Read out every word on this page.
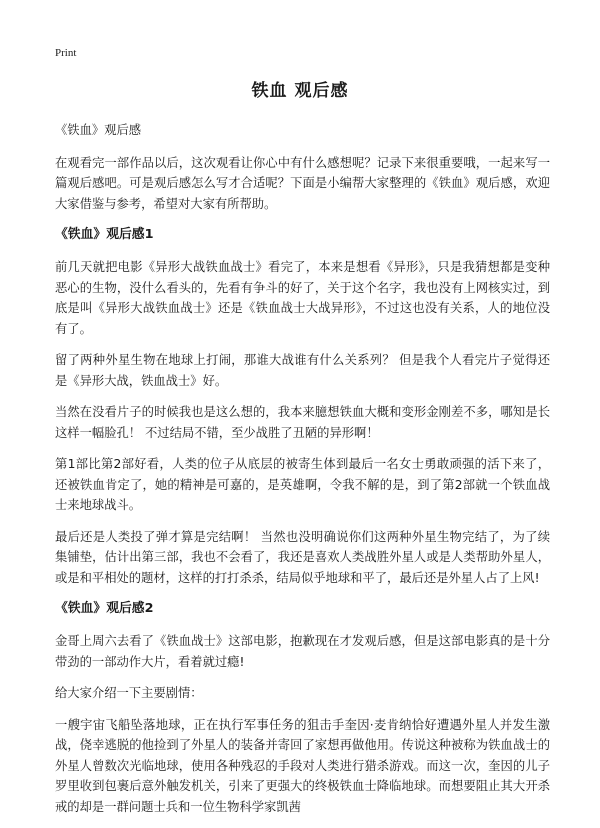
Print
铁血 观后感
《铁血》观后感

在观看完一部作品以后，这次观看让你心中有什么感想呢？记录下来很重要哦，一起来写一篇观后感吧。可是观后感怎么写才合适呢？下面是小编帮大家整理的《铁血》观后感，欢迎大家借鉴与参考，希望对大家有所帮助。

《铁血》观后感1

前几天就把电影《异形大战铁血战士》看完了，本来是想看《异形》，只是我猜想都是变种恶心的生物，没什么看头的，先看有争斗的好了，关于这个名字，我也没有上网核实过，到底是叫《异形大战铁血战士》还是《铁血战士大战异形》，不过这也没有关系，人的地位没有了。

留了两种外星生物在地球上打闹，那谁大战谁有什么关系列？ 但是我个人看完片子觉得还是《异形大战，铁血战士》好。

当然在没看片子的时候我也是这么想的，我本来臆想铁血大概和变形金刚差不多，哪知是长这样一幅脸孔！ 不过结局不错，至少战胜了丑陋的异形啊！

第1部比第2部好看，人类的位子从底层的被寄生体到最后一名女士勇敢顽强的活下来了，还被铁血肯定了，她的精神是可嘉的，是英雄啊，令我不解的是，到了第2部就一个铁血战士来地球战斗。

最后还是人类投了弹才算是完结啊！ 当然也没明确说你们这两种外星生物完结了，为了续集铺垫，估计出第三部，我也不会看了，我还是喜欢人类战胜外星人或是人类帮助外星人，或是和平相处的题材，这样的打打杀杀，结局似乎地球和平了，最后还是外星人占了上风!

《铁血》观后感2

金哥上周六去看了《铁血战士》这部电影，抱歉现在才发观后感，但是这部电影真的是十分带劲的一部动作大片，看着就过瘾!

给大家介绍一下主要剧情：

一艘宇宙飞船坠落地球，正在执行军事任务的狙击手奎因·麦肯纳恰好遭遇外星人并发生激战，侥幸逃脱的他捡到了外星人的装备并寄回了家想再做他用。传说这种被称为铁血战士的外星人曾数次光临地球，使用各种残忍的手段对人类进行猎杀游戏。而这一次，奎因的儿子罗里收到包裹后意外触发机关，引来了更强大的终极铁血士降临地球。而想要阻止其大开杀戒的却是一群问题士兵和一位生物科学家凯茜
